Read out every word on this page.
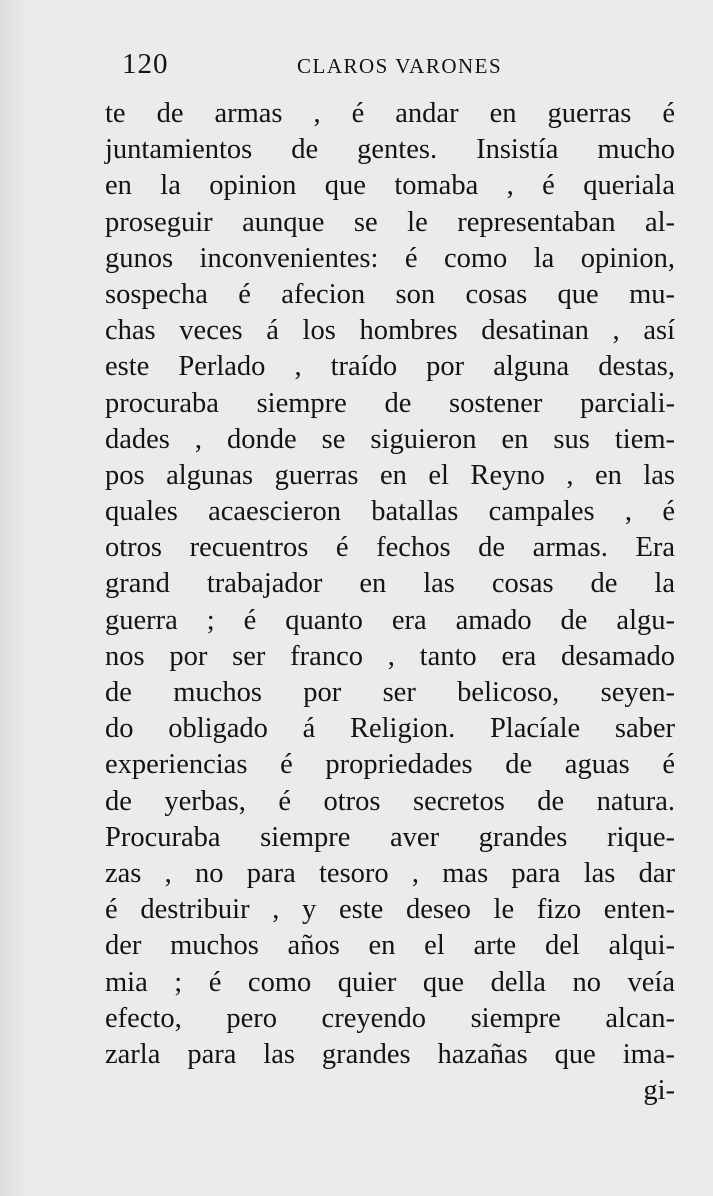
120	CLAROS VARONES
te de armas , é andar en guerras é
juntamientos de gentes. Insistía mucho
en la opinion que tomaba , é queriala
proseguir aunque se le representaban al-
gunos inconvenientes: é como la opinion,
sospecha é afecion son cosas que mu-
chas veces á los hombres desatinan , así
este Perlado , traído por alguna destas,
procuraba siempre de sostener parciali-
dades , donde se siguieron en sus tiem-
pos algunas guerras en el Reyno , en las
quales acaescieron batallas campales , é
otros recuentros é fechos de armas. Era
grand trabajador en las cosas de la
guerra ; é quanto era amado de algu-
nos por ser franco , tanto era desamado
de muchos por ser belicoso, seyen-
do obligado á Religion. Placíale saber
experiencias é propriedades de aguas é
de yerbas, é otros secretos de natura.
Procuraba siempre aver grandes rique-
zas , no para tesoro , mas para las dar
é destribuir , y este deseo le fizo enten-
der muchos años en el arte del alqui-
mia ; é como quier que della no veía
efecto, pero creyendo siempre alcan-
zarla para las grandes hazañas que ima-
gi-
